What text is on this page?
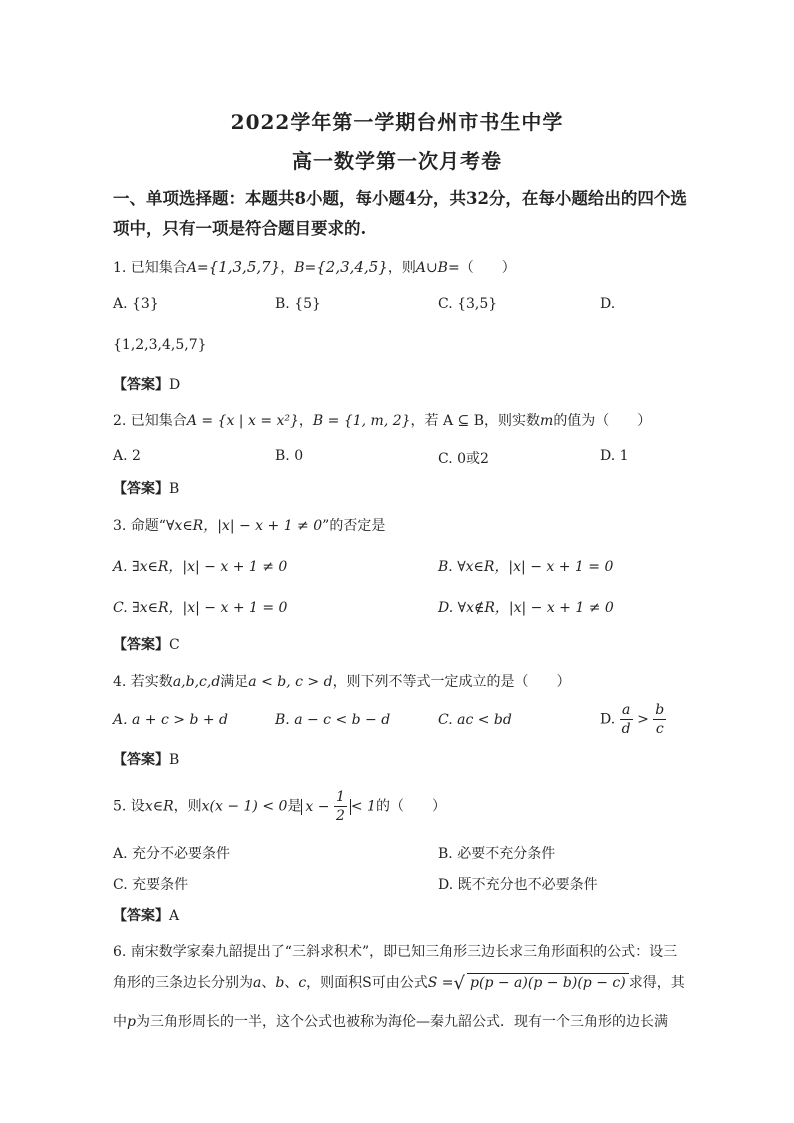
2022学年第一学期台州市书生中学
高一数学第一次月考卷
一、单项选择题：本题共8小题，每小题4分，共32分，在每小题给出的四个选
项中，只有一项是符合题目要求的.
1. 已知集合A={1,3,5,7}，B={2,3,4,5}，则A∪B=（　　）
A. {3}	B. {5}	C. {3,5}	D.
{1,2,3,4,5,7}
【答案】D
2. 已知集合A = {x | x = x²}，B = {1, m, 2}，若 A ⊆ B，则实数m的值为（　　）
A. 2	B. 0	C. 0或2	D. 1
【答案】B
3. 命题“∀x∈R，|x| − x + 1 ≠ 0”的否定是
A. ∃x∈R，|x| − x + 1 ≠ 0	B. ∀x∈R，|x| − x + 1 = 0
C. ∃x∈R，|x| − x + 1 = 0	D. ∀x∉R，|x| − x + 1 ≠ 0
【答案】C
4. 若实数a,b,c,d满足a < b, c > d，则下列不等式一定成立的是（　　）
A. a + c > b + d	B. a − c < b − d	C. ac < bd	D. $\frac{a}{d} > \frac{b}{c}$
【答案】B
5. 设x∈R，则x(x − 1) < 0是 $x - \frac{1}{2} < 1$的（　　）
A. 充分不必要条件	B. 必要不充分条件
C. 充要条件	D. 既不充分也不必要条件
【答案】A
6. 南宋数学家秦九韶提出了“三斜求积术”，即已知三角形三边长求三角形面积的公式：设三
角形的三条边长分别为a、b、c，则面积S可由公式S =√ p(p − a)(p − b)(p − c) 求得，其
中p为三角形周长的一半，这个公式也被称为海伦—秦九韶公式．现有一个三角形的边长满
